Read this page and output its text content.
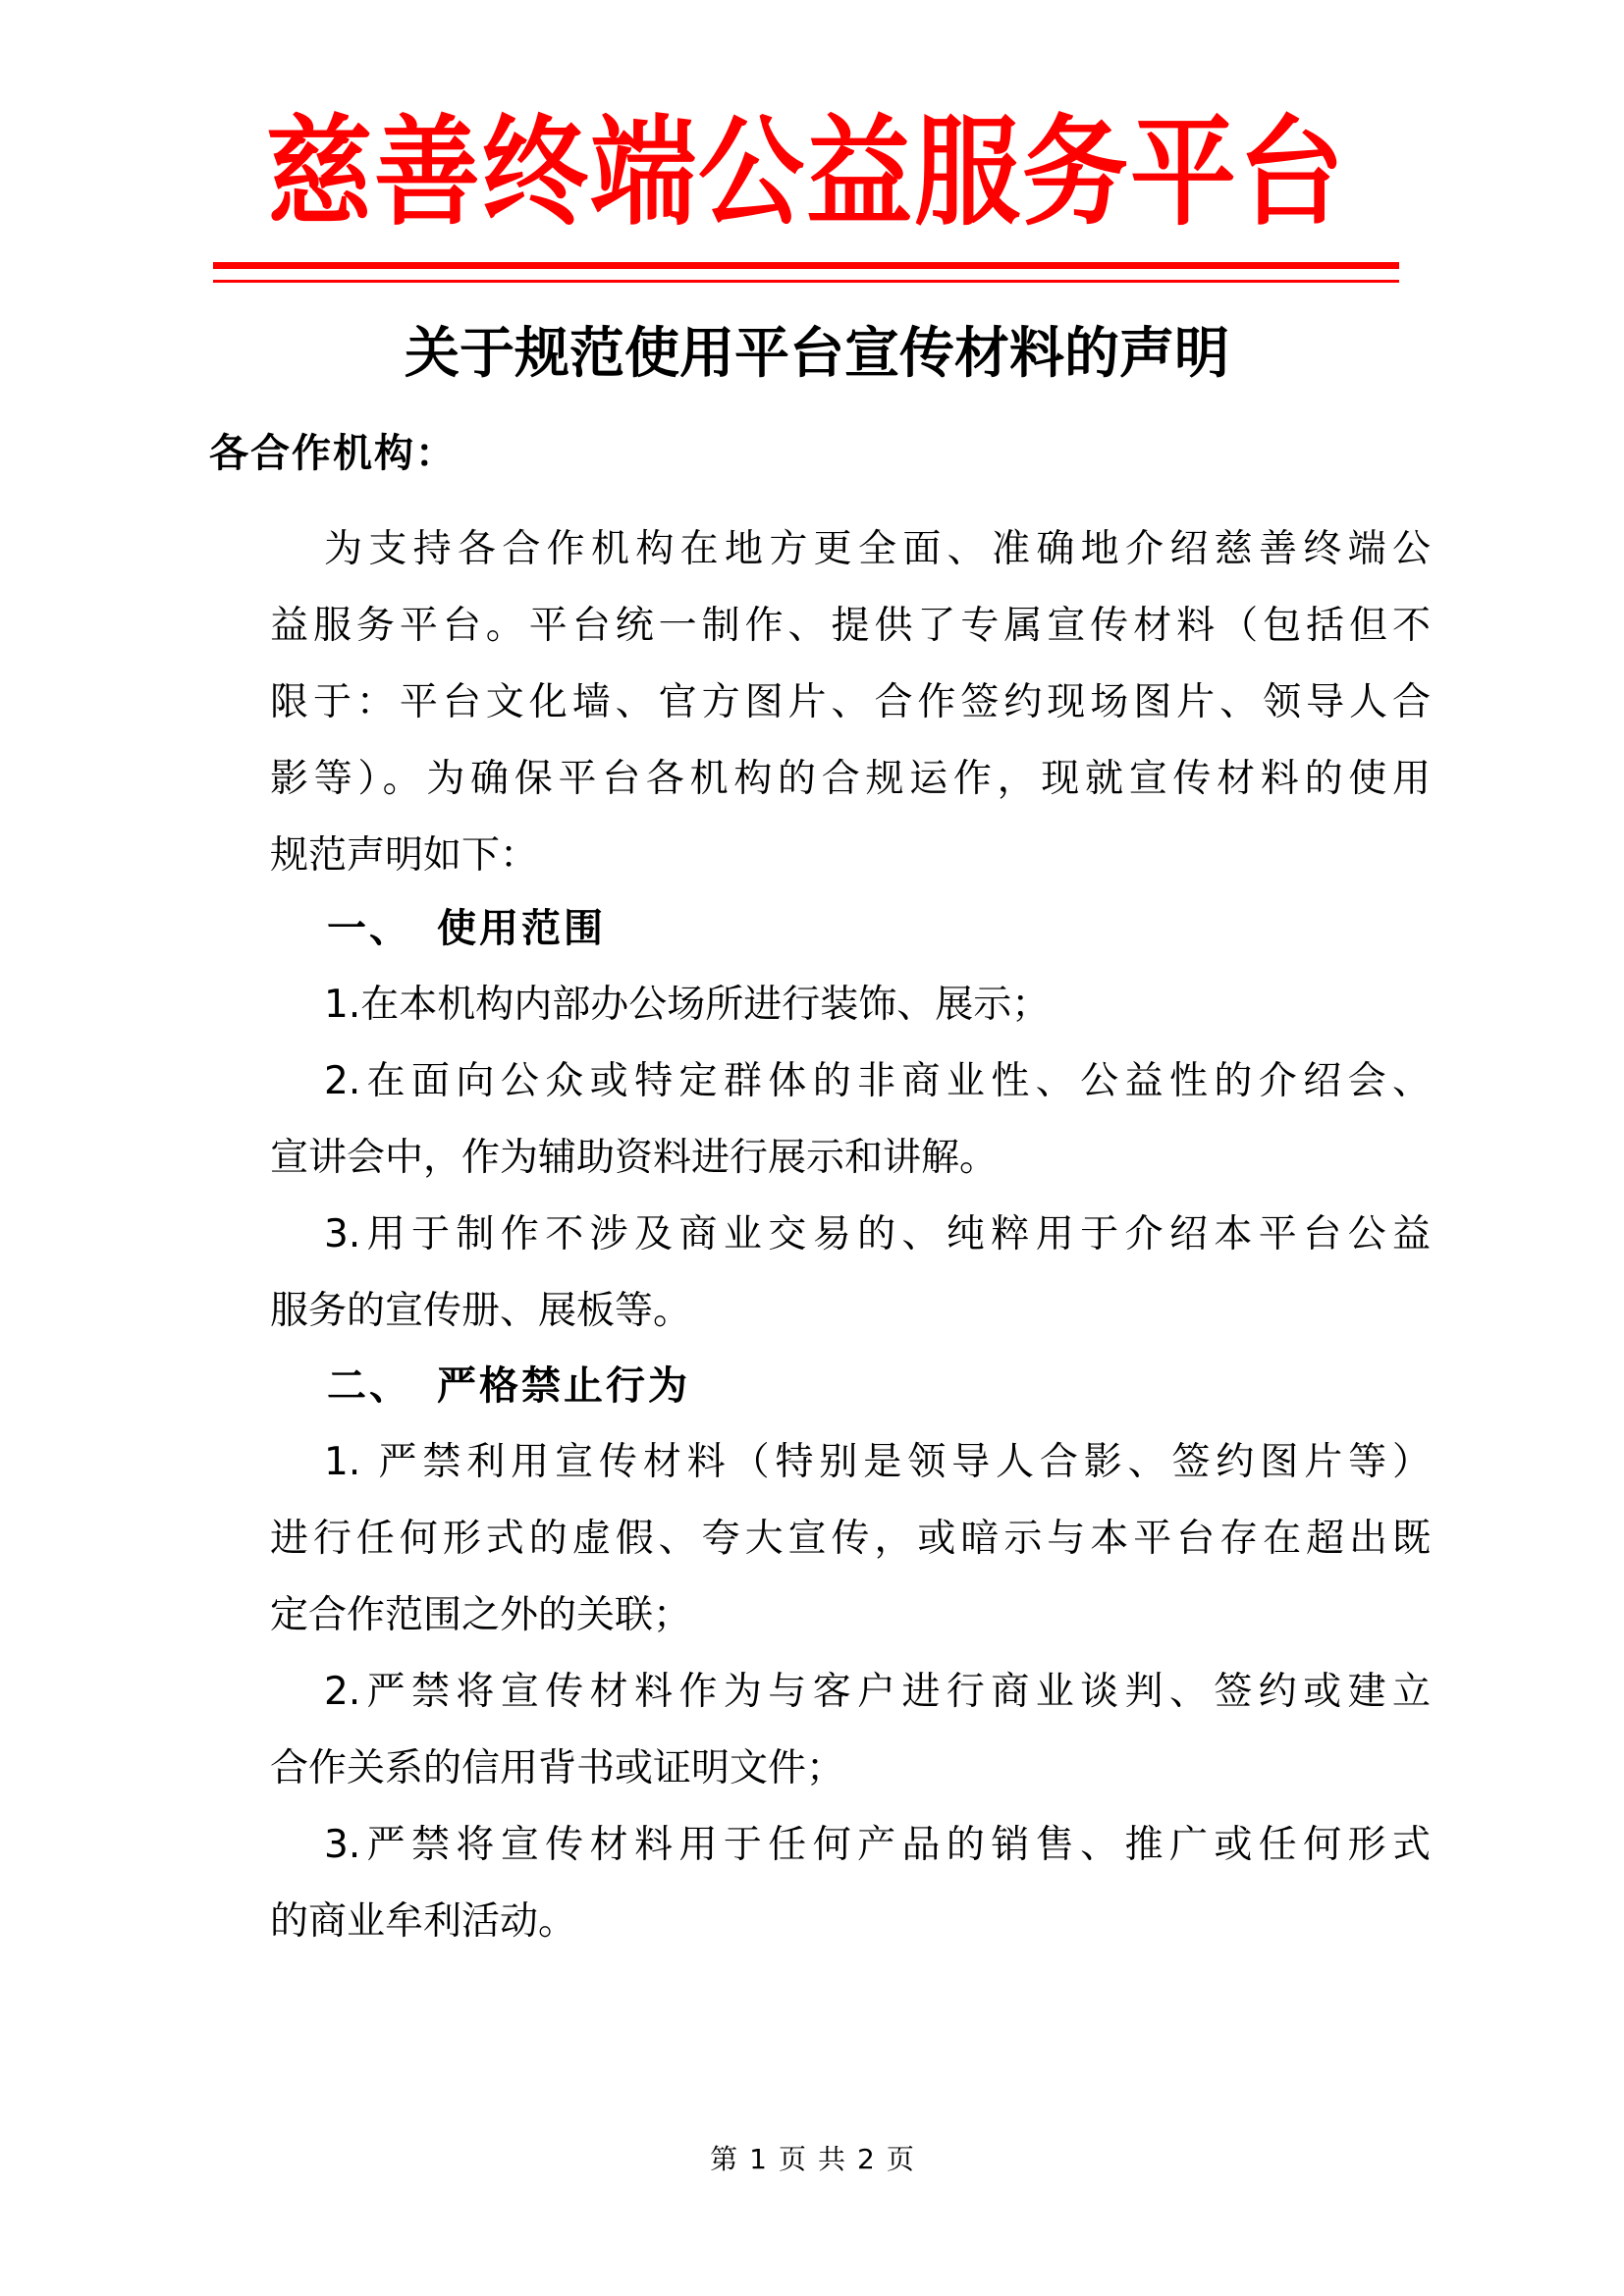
慈善终端公益服务平台
关于规范使用平台宣传材料的声明
各合作机构：
为支持各合作机构在地方更全面、准确地介绍慈善终端公
益服务平台。平台统一制作、提供了专属宣传材料（包括但不
限于：平台文化墙、官方图片、合作签约现场图片、领导人合
影等）。为确保平台各机构的合规运作，现就宣传材料的使用
规范声明如下：
一、 使用范围
1.在本机构内部办公场所进行装饰、展示；
2.在面向公众或特定群体的非商业性、公益性的介绍会、
宣讲会中，作为辅助资料进行展示和讲解。
3.用于制作不涉及商业交易的、纯粹用于介绍本平台公益
服务的宣传册、展板等。
二、 严格禁止行为
1. 严禁利用宣传材料（特别是领导人合影、签约图片等）
进行任何形式的虚假、夸大宣传，或暗示与本平台存在超出既
定合作范围之外的关联；
2.严禁将宣传材料作为与客户进行商业谈判、签约或建立
合作关系的信用背书或证明文件；
3.严禁将宣传材料用于任何产品的销售、推广或任何形式
的商业牟利活动。
第 1 页 共 2 页
